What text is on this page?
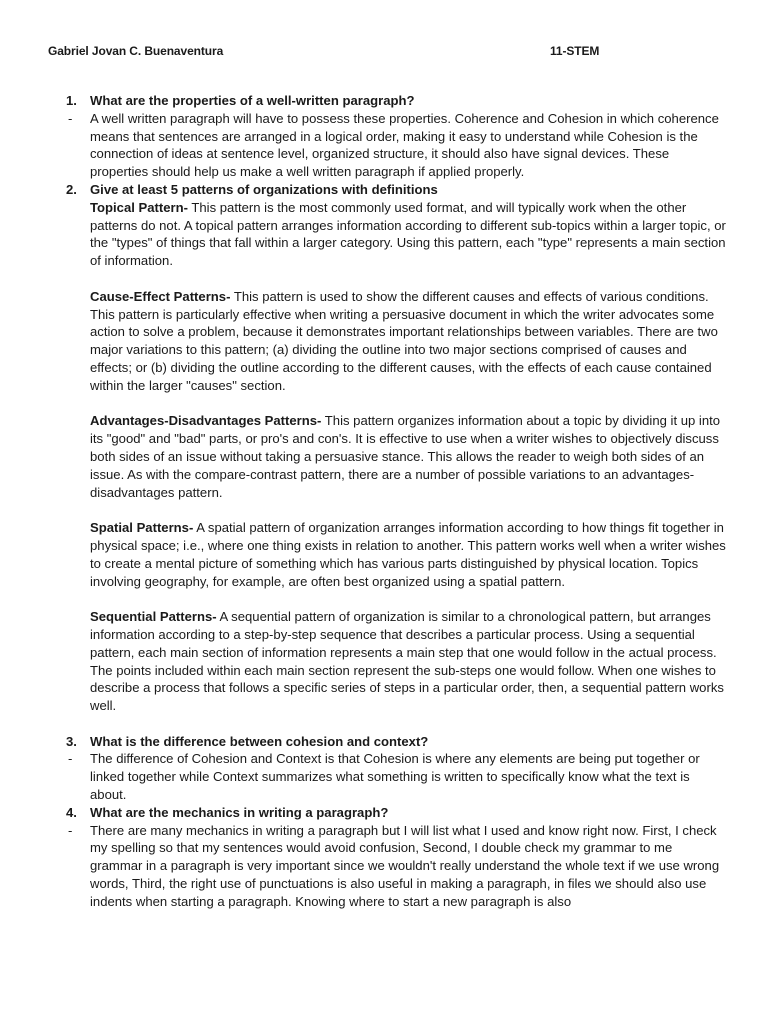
Gabriel Jovan C. Buenaventura	11-STEM
1. What are the properties of a well-written paragraph?
- A well written paragraph will have to possess these properties. Coherence and Cohesion in which coherence means that sentences are arranged in a logical order, making it easy to understand while Cohesion is the connection of ideas at sentence level, organized structure, it should also have signal devices. These properties should help us make a well written paragraph if applied properly.
2. Give at least 5 patterns of organizations with definitions
Topical Pattern- This pattern is the most commonly used format, and will typically work when the other patterns do not. A topical pattern arranges information according to different sub-topics within a larger topic, or the "types" of things that fall within a larger category. Using this pattern, each "type" represents a main section of information.
Cause-Effect Patterns- This pattern is used to show the different causes and effects of various conditions. This pattern is particularly effective when writing a persuasive document in which the writer advocates some action to solve a problem, because it demonstrates important relationships between variables. There are two major variations to this pattern; (a) dividing the outline into two major sections comprised of causes and effects; or (b) dividing the outline according to the different causes, with the effects of each cause contained within the larger "causes" section.
Advantages-Disadvantages Patterns- This pattern organizes information about a topic by dividing it up into its "good" and "bad" parts, or pro's and con's. It is effective to use when a writer wishes to objectively discuss both sides of an issue without taking a persuasive stance. This allows the reader to weigh both sides of an issue. As with the compare-contrast pattern, there are a number of possible variations to an advantages-disadvantages pattern.
Spatial Patterns- A spatial pattern of organization arranges information according to how things fit together in physical space; i.e., where one thing exists in relation to another. This pattern works well when a writer wishes to create a mental picture of something which has various parts distinguished by physical location. Topics involving geography, for example, are often best organized using a spatial pattern.
Sequential Patterns- A sequential pattern of organization is similar to a chronological pattern, but arranges information according to a step-by-step sequence that describes a particular process. Using a sequential pattern, each main section of information represents a main step that one would follow in the actual process. The points included within each main section represent the sub-steps one would follow. When one wishes to describe a process that follows a specific series of steps in a particular order, then, a sequential pattern works well.
3. What is the difference between cohesion and context?
- The difference of Cohesion and Context is that Cohesion is where any elements are being put together or linked together while Context summarizes what something is written to specifically know what the text is about.
4. What are the mechanics in writing a paragraph?
- There are many mechanics in writing a paragraph but I will list what I used and know right now. First, I check my spelling so that my sentences would avoid confusion, Second, I double check my grammar to me grammar in a paragraph is very important since we wouldn't really understand the whole text if we use wrong words, Third, the right use of punctuations is also useful in making a paragraph, in files we should also use indents when starting a paragraph. Knowing where to start a new paragraph is also
